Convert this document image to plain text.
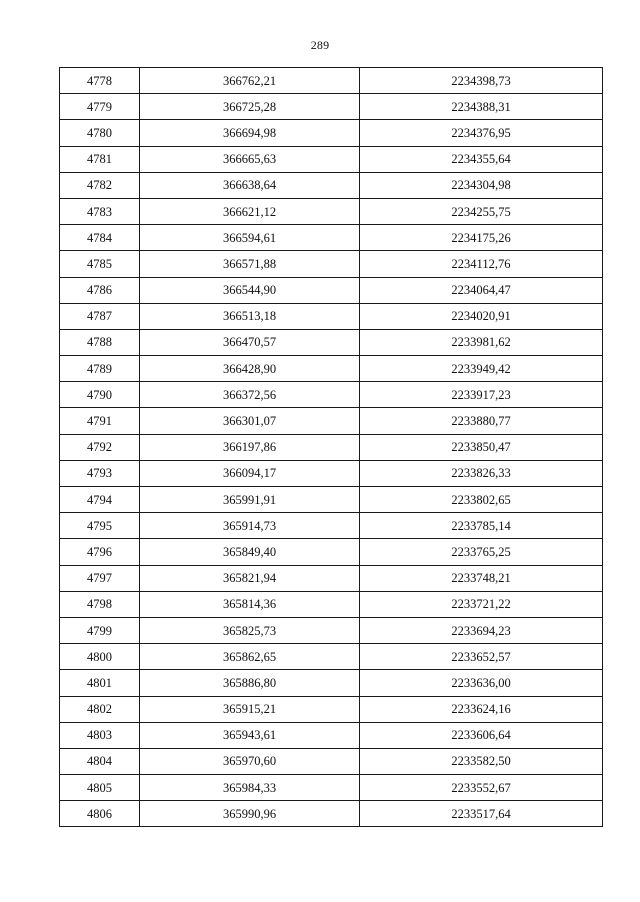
289
4778	366762,21	2234398,73
4779	366725,28	2234388,31
4780	366694,98	2234376,95
4781	366665,63	2234355,64
4782	366638,64	2234304,98
4783	366621,12	2234255,75
4784	366594,61	2234175,26
4785	366571,88	2234112,76
4786	366544,90	2234064,47
4787	366513,18	2234020,91
4788	366470,57	2233981,62
4789	366428,90	2233949,42
4790	366372,56	2233917,23
4791	366301,07	2233880,77
4792	366197,86	2233850,47
4793	366094,17	2233826,33
4794	365991,91	2233802,65
4795	365914,73	2233785,14
4796	365849,40	2233765,25
4797	365821,94	2233748,21
4798	365814,36	2233721,22
4799	365825,73	2233694,23
4800	365862,65	2233652,57
4801	365886,80	2233636,00
4802	365915,21	2233624,16
4803	365943,61	2233606,64
4804	365970,60	2233582,50
4805	365984,33	2233552,67
4806	365990,96	2233517,64
